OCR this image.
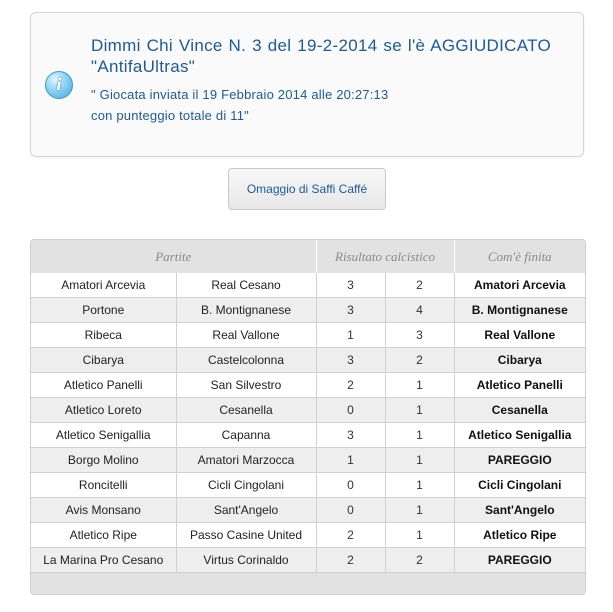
i
Dimmi Chi Vince N. 3 del 19-2-2014 se l'è AGGIUDICATO "AntifaUltras"
" Giocata inviata il 19 Febbraio 2014 alle 20:27:13
con punteggio totale di 11"
Omaggio di Saffi Caffé
Partite		Risultato calcistico		Com'è finita
Amatori Arcevia	Real Cesano	3	2	Amatori Arcevia
Portone	B. Montignanese	3	4	B. Montignanese
Ribeca	Real Vallone	1	3	Real Vallone
Cibarya	Castelcolonna	3	2	Cibarya
Atletico Panelli	San Silvestro	2	1	Atletico Panelli
Atletico Loreto	Cesanella	0	1	Cesanella
Atletico Senigallia	Capanna	3	1	Atletico Senigallia
Borgo Molino	Amatori Marzocca	1	1	PAREGGIO
Roncitelli	Cicli Cingolani	0	1	Cicli Cingolani
Avis Monsano	Sant'Angelo	0	1	Sant'Angelo
Atletico Ripe	Passo Casine United	2	1	Atletico Ripe
La Marina Pro Cesano	Virtus Corinaldo	2	2	PAREGGIO
